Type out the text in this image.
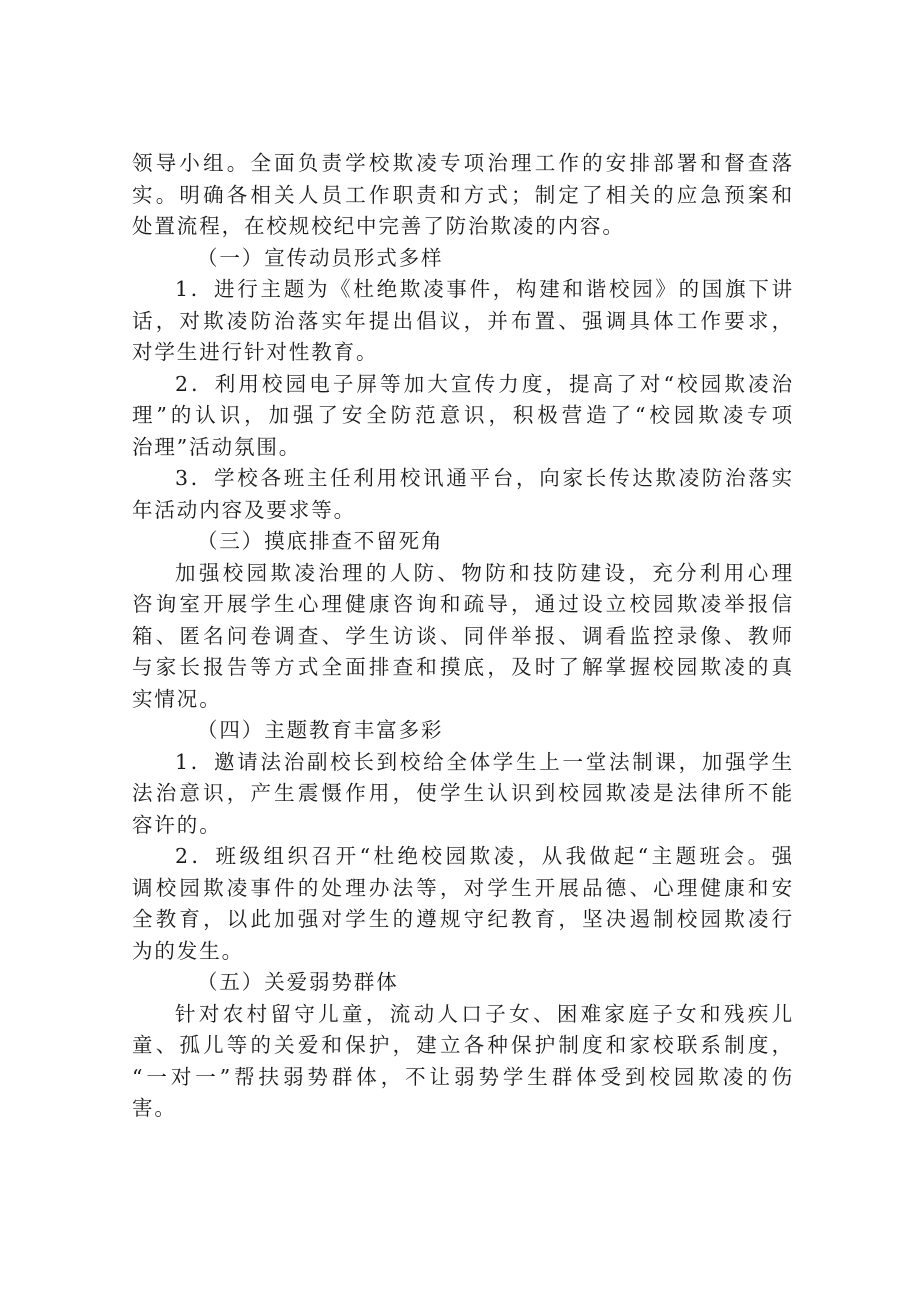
领导小组。全面负责学校欺凌专项治理工作的安排部署和督查落
实。明确各相关人员工作职责和方式；制定了相关的应急预案和
处置流程，在校规校纪中完善了防治欺凌的内容。
（一）宣传动员形式多样
1．进行主题为《杜绝欺凌事件，构建和谐校园》的国旗下讲
话，对欺凌防治落实年提出倡议，并布置、强调具体工作要求，
对学生进行针对性教育。
2．利用校园电子屏等加大宣传力度，提高了对“校园欺凌治
理”的认识，加强了安全防范意识，积极营造了“校园欺凌专项
治理”活动氛围。
3．学校各班主任利用校讯通平台，向家长传达欺凌防治落实
年活动内容及要求等。
（三）摸底排查不留死角
加强校园欺凌治理的人防、物防和技防建设，充分利用心理
咨询室开展学生心理健康咨询和疏导，通过设立校园欺凌举报信
箱、匿名问卷调查、学生访谈、同伴举报、调看监控录像、教师
与家长报告等方式全面排查和摸底，及时了解掌握校园欺凌的真
实情况。
（四）主题教育丰富多彩
1．邀请法治副校长到校给全体学生上一堂法制课，加强学生
法治意识，产生震慑作用，使学生认识到校园欺凌是法律所不能
容许的。
2．班级组织召开“杜绝校园欺凌，从我做起“主题班会。强
调校园欺凌事件的处理办法等，对学生开展品德、心理健康和安
全教育，以此加强对学生的遵规守纪教育，坚决遏制校园欺凌行
为的发生。
（五）关爱弱势群体
针对农村留守儿童，流动人口子女、困难家庭子女和残疾儿
童、孤儿等的关爱和保护，建立各种保护制度和家校联系制度，
“一对一”帮扶弱势群体，不让弱势学生群体受到校园欺凌的伤
害。
